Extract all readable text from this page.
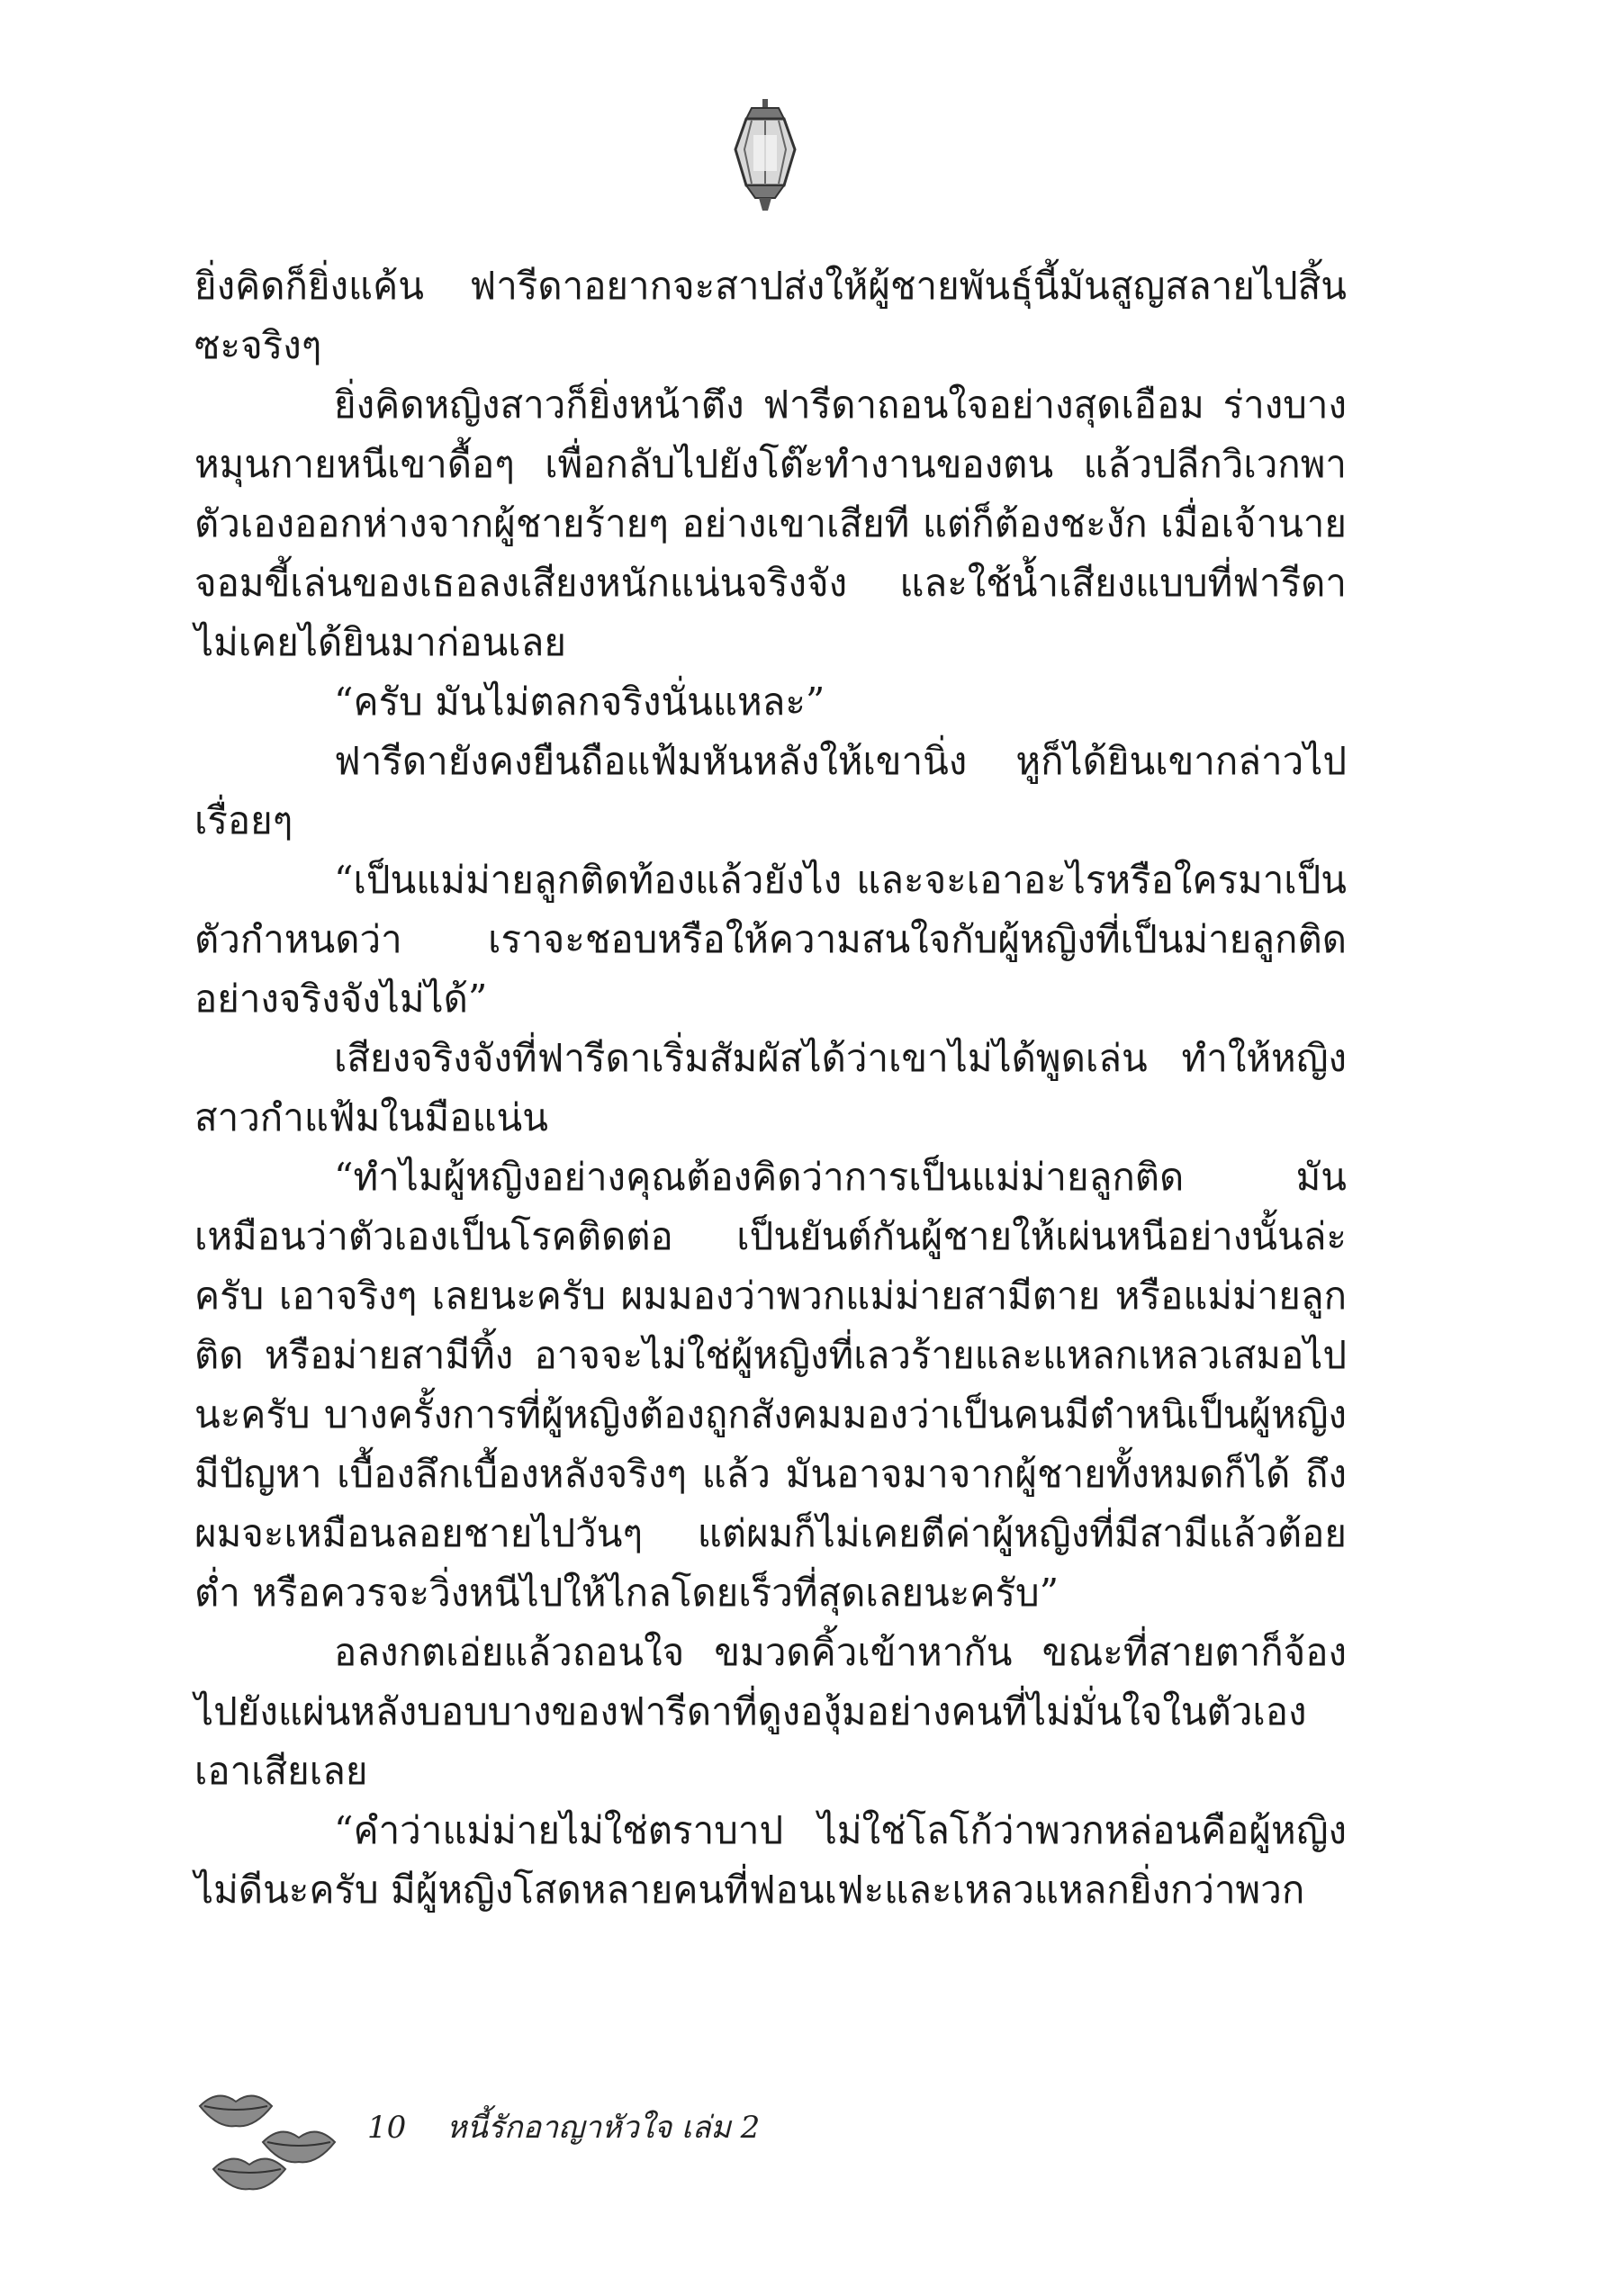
ยิ่งคิดก็ยิ่งแค้น ฟารีดาอยากจะสาปส่งให้ผู้ชายพันธุ์นี้มันสูญสลายไปสิ้นซะจริงๆ

ยิ่งคิดหญิงสาวก็ยิ่งหน้าตึง ฟารีดาถอนใจอย่างสุดเอือม ร่างบางหมุนกายหนีเขาดื้อๆ เพื่อกลับไปยังโต๊ะทำงานของตน แล้วปลีกวิเวกพาตัวเองออกห่างจากผู้ชายร้ายๆ อย่างเขาเสียที แต่ก็ต้องชะงัก เมื่อเจ้านายจอมขี้เล่นของเธอลงเสียงหนักแน่นจริงจัง และใช้น้ำเสียงแบบที่ฟารีดาไม่เคยได้ยินมาก่อนเลย

“ครับ มันไม่ตลกจริงนั่นแหละ”

ฟารีดายังคงยืนถือแฟ้มหันหลังให้เขานิ่ง หูก็ได้ยินเขากล่าวไปเรื่อยๆ

“เป็นแม่ม่ายลูกติดท้องแล้วยังไง และจะเอาอะไรหรือใครมาเป็นตัวกำหนดว่า เราจะชอบหรือให้ความสนใจกับผู้หญิงที่เป็นม่ายลูกติดอย่างจริงจังไม่ได้”

เสียงจริงจังที่ฟารีดาเริ่มสัมผัสได้ว่าเขาไม่ได้พูดเล่น ทำให้หญิงสาวกำแฟ้มในมือแน่น

“ทำไมผู้หญิงอย่างคุณต้องคิดว่าการเป็นแม่ม่ายลูกติด มันเหมือนว่าตัวเองเป็นโรคติดต่อ เป็นยันต์กันผู้ชายให้เผ่นหนีอย่างนั้นล่ะครับ เอาจริงๆ เลยนะครับ ผมมองว่าพวกแม่ม่ายสามีตาย หรือแม่ม่ายลูกติด หรือม่ายสามีทิ้ง อาจจะไม่ใช่ผู้หญิงที่เลวร้ายและแหลกเหลวเสมอไปนะครับ บางครั้งการที่ผู้หญิงต้องถูกสังคมมองว่าเป็นคนมีตำหนิเป็นผู้หญิงมีปัญหา เบื้องลึกเบื้องหลังจริงๆ แล้ว มันอาจมาจากผู้ชายทั้งหมดก็ได้ ถึงผมจะเหมือนลอยชายไปวันๆ แต่ผมก็ไม่เคยตีค่าผู้หญิงที่มีสามีแล้วต้อยต่ำ หรือควรจะวิ่งหนีไปให้ไกลโดยเร็วที่สุดเลยนะครับ”

อลงกตเอ่ยแล้วถอนใจ ขมวดคิ้วเข้าหากัน ขณะที่สายตาก็จ้องไปยังแผ่นหลังบอบบางของฟารีดาที่ดูงองุ้มอย่างคนที่ไม่มั่นใจในตัวเองเอาเสียเลย

“คำว่าแม่ม่ายไม่ใช่ตราบาป ไม่ใช่โลโก้ว่าพวกหล่อนคือผู้หญิงไม่ดีนะครับ มีผู้หญิงโสดหลายคนที่ฟอนเฟะและเหลวแหลกยิ่งกว่าพวก

10 หนี้รักอาญาหัวใจ เล่ม 2
